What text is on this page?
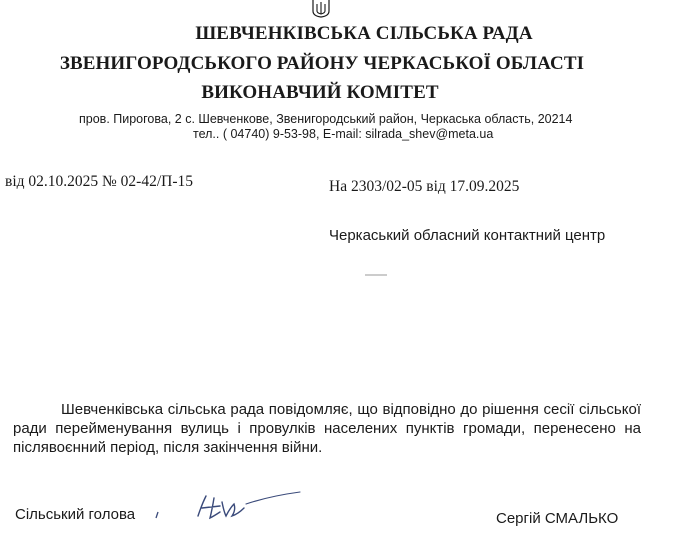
ШЕВЧЕНКІВСЬКА СІЛЬСЬКА РАДА
ЗВЕНИГОРОДСЬКОГО РАЙОНУ ЧЕРКАСЬКОЇ ОБЛАСТІ
ВИКОНАВЧИЙ КОМІТЕТ
пров. Пирогова, 2 с. Шевченкове, Звенигородський район, Черкаська область, 20214
тел.. ( 04740) 9-53-98, E-mail: silrada_shev@meta.ua
від 02.10.2025 № 02-42/П-15	На 2303/02-05 від 17.09.2025
Черкаський обласний контактний центр
Шевченківська сільська рада повідомляє, що відповідно до рішення сесії сільської ради перейменування вулиць і провулків населених пунктів громади, перенесено на післявоєнний період, після закінчення війни.
Сільський голова	Сергій СМАЛЬКО
